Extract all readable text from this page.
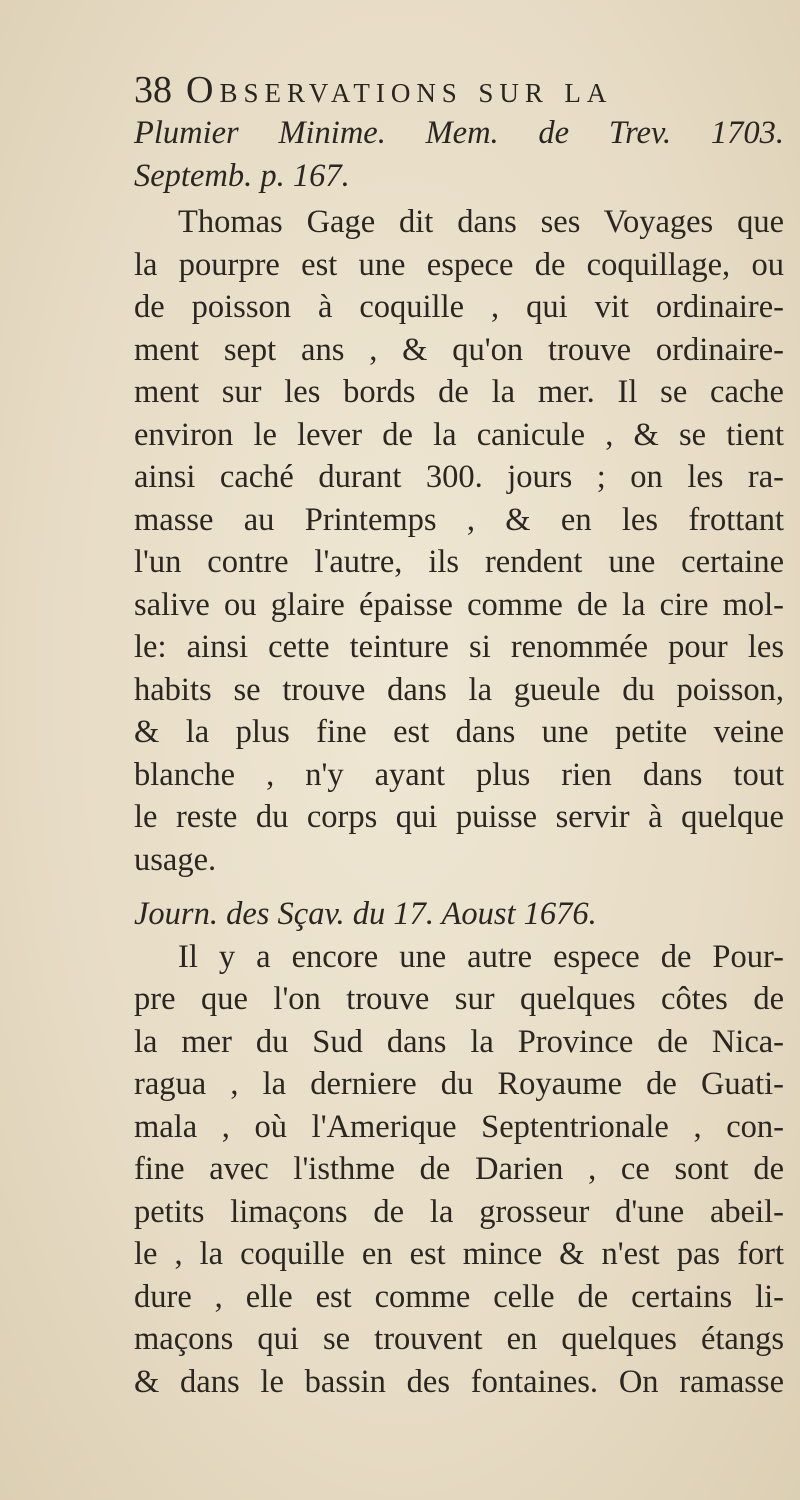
38 Observations sur la
Plumier Minime. Mem. de Trev. 1703.
Septemb. p. 167.
Thomas Gage dit dans ses Voyages que
la pourpre est une espece de coquillage, ou
de poisson à coquille , qui vit ordinaire-
ment sept ans , & qu'on trouve ordinaire-
ment sur les bords de la mer. Il se cache
environ le lever de la canicule , & se tient
ainsi caché durant 300. jours ; on les ra-
masse au Printemps , & en les frottant
l'un contre l'autre, ils rendent une certaine
salive ou glaire épaisse comme de la cire mol-
le: ainsi cette teinture si renommée pour les
habits se trouve dans la gueule du poisson,
& la plus fine est dans une petite veine
blanche , n'y ayant plus rien dans tout
le reste du corps qui puisse servir à quelque
usage.
Journ. des Sçav. du 17. Aoust 1676.
Il y a encore une autre espece de Pour-
pre que l'on trouve sur quelques côtes de
la mer du Sud dans la Province de Nica-
ragua , la derniere du Royaume de Guati-
mala , où l'Amerique Septentrionale , con-
fine avec l'isthme de Darien , ce sont de
petits limaçons de la grosseur d'une abeil-
le , la coquille en est mince & n'est pas fort
dure , elle est comme celle de certains li-
maçons qui se trouvent en quelques étangs
& dans le bassin des fontaines. On ramasse
